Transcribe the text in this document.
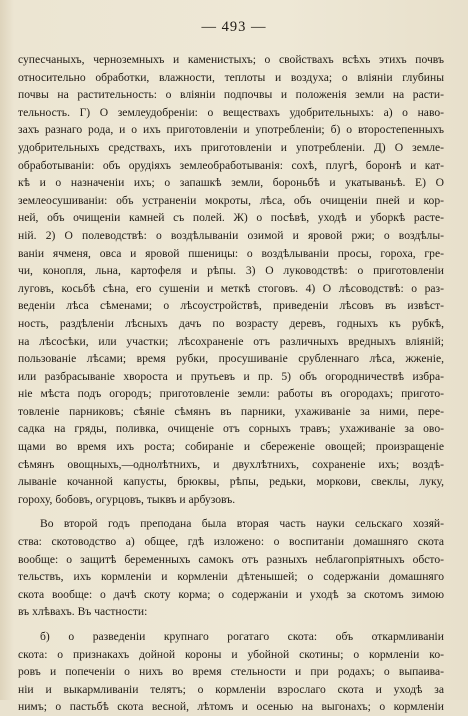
— 493 —
супесчаныхъ, черноземныхъ и каменистыхъ; о свойствахъ всѣхъ этихъ почвъ
относительно обработки, влажности, теплоты и воздуха; о вліяніи глубины
почвы на растительность: о вліяніи подпочвы и положенія земли на расти-
тельность. Г) О землеудобреніи: о веществахъ удобрительныхъ: а) о наво-
захъ разнаго рода, и о ихъ приготовленіи и употребленіи; б) о второстепенныхъ
удобрительныхъ средствахъ, ихъ приготовленіи и употребленіи. Д) О земле-
обработываніи: объ орудіяхъ землеобработыванія: сохѣ, плугѣ, боронѣ и кат-
кѣ и о назначеніи ихъ; о запашкѣ земли, бороньбѣ и укатываньѣ. Е) О
землеосушиваніи: объ устраненіи мокроты, лѣса, объ очищеніи пней и кор-
ней, объ очищеніи камней съ полей. Ж) о посѣвѣ, уходѣ и уборкѣ расте-
ній. 2) О полеводствѣ: о воздѣлываніи озимой и яровой ржи; о воздѣлы-
ваніи ячменя, овса и яровой пшеницы: о воздѣлываніи просы, гороха, гре-
чи, конопля, льна, картофеля и рѣпы. 3) О луководствѣ: о приготовленіи
луговъ, косьбѣ сѣна, его сушеніи и меткѣ стоговъ. 4) О лѣсоводствѣ: о раз-
веденіи лѣса сѣменами; о лѣсоустройствѣ, приведеніи лѣсовъ въ извѣст-
ность, раздѣленіи лѣсныхъ дачъ по возрасту деревъ, годныхъ къ рубкѣ,
на лѣсосѣки, или участки; лѣсохраненіе отъ различныхъ вредныхъ вліяній;
пользованіе лѣсами; время рубки, просушиваніе срубленнаго лѣса, жженіе,
или разбрасываніе хвороста и прутьевъ и пр. 5) объ огородничествѣ избра-
ніе мѣста подъ огородъ; приготовленіе земли: работы въ огородахъ; пригото-
товленіе парниковъ; сѣяніе сѣмянъ въ парники, ухаживаніе за ними, пере-
садка на гряды, поливка, очищеніе отъ сорныхъ травъ; ухаживаніе за ово-
щами во время ихъ роста; собираніе и сбереженіе овощей; произращеніе
сѣмянъ овощныхъ,—однолѣтнихъ, и двухлѣтнихъ, сохраненіе ихъ; воздѣ-
лываніе кочанной капусты, брюквы, рѣпы, редьки, моркови, свеклы, луку,
гороху, бобовъ, огурцовъ, тыквъ и арбузовъ.
Во второй годъ преподана была вторая часть науки сельскаго хозяй-
ства: скотоводство а) общее, гдѣ изложено: о воспитаніи домашняго скота
вообще: о защитѣ беременныхъ самокъ отъ разныхъ неблагопріятныхъ обсто-
тельствъ, ихъ кормленіи и кормленіи дѣтенышей; о содержаніи домашняго
скота вообще: о дачѣ скоту корма; о содержаніи и уходѣ за скотомъ зимою
въ хлѣвахъ. Въ частности:
б) о разведеніи крупнаго рогатаго скота: объ откармливаніи
скота: о признакахъ дойной короны и убойной скотины; о кормленіи ко-
ровъ и попеченіи о нихъ во время стельности и при родахъ; о выпаива-
ніи и выкармливаніи телятъ; о кормленіи взрослаго скота и уходѣ за
нимъ; о пастьбѣ скота весной, лѣтомъ и осенью на выгонахъ; о кормленіи
